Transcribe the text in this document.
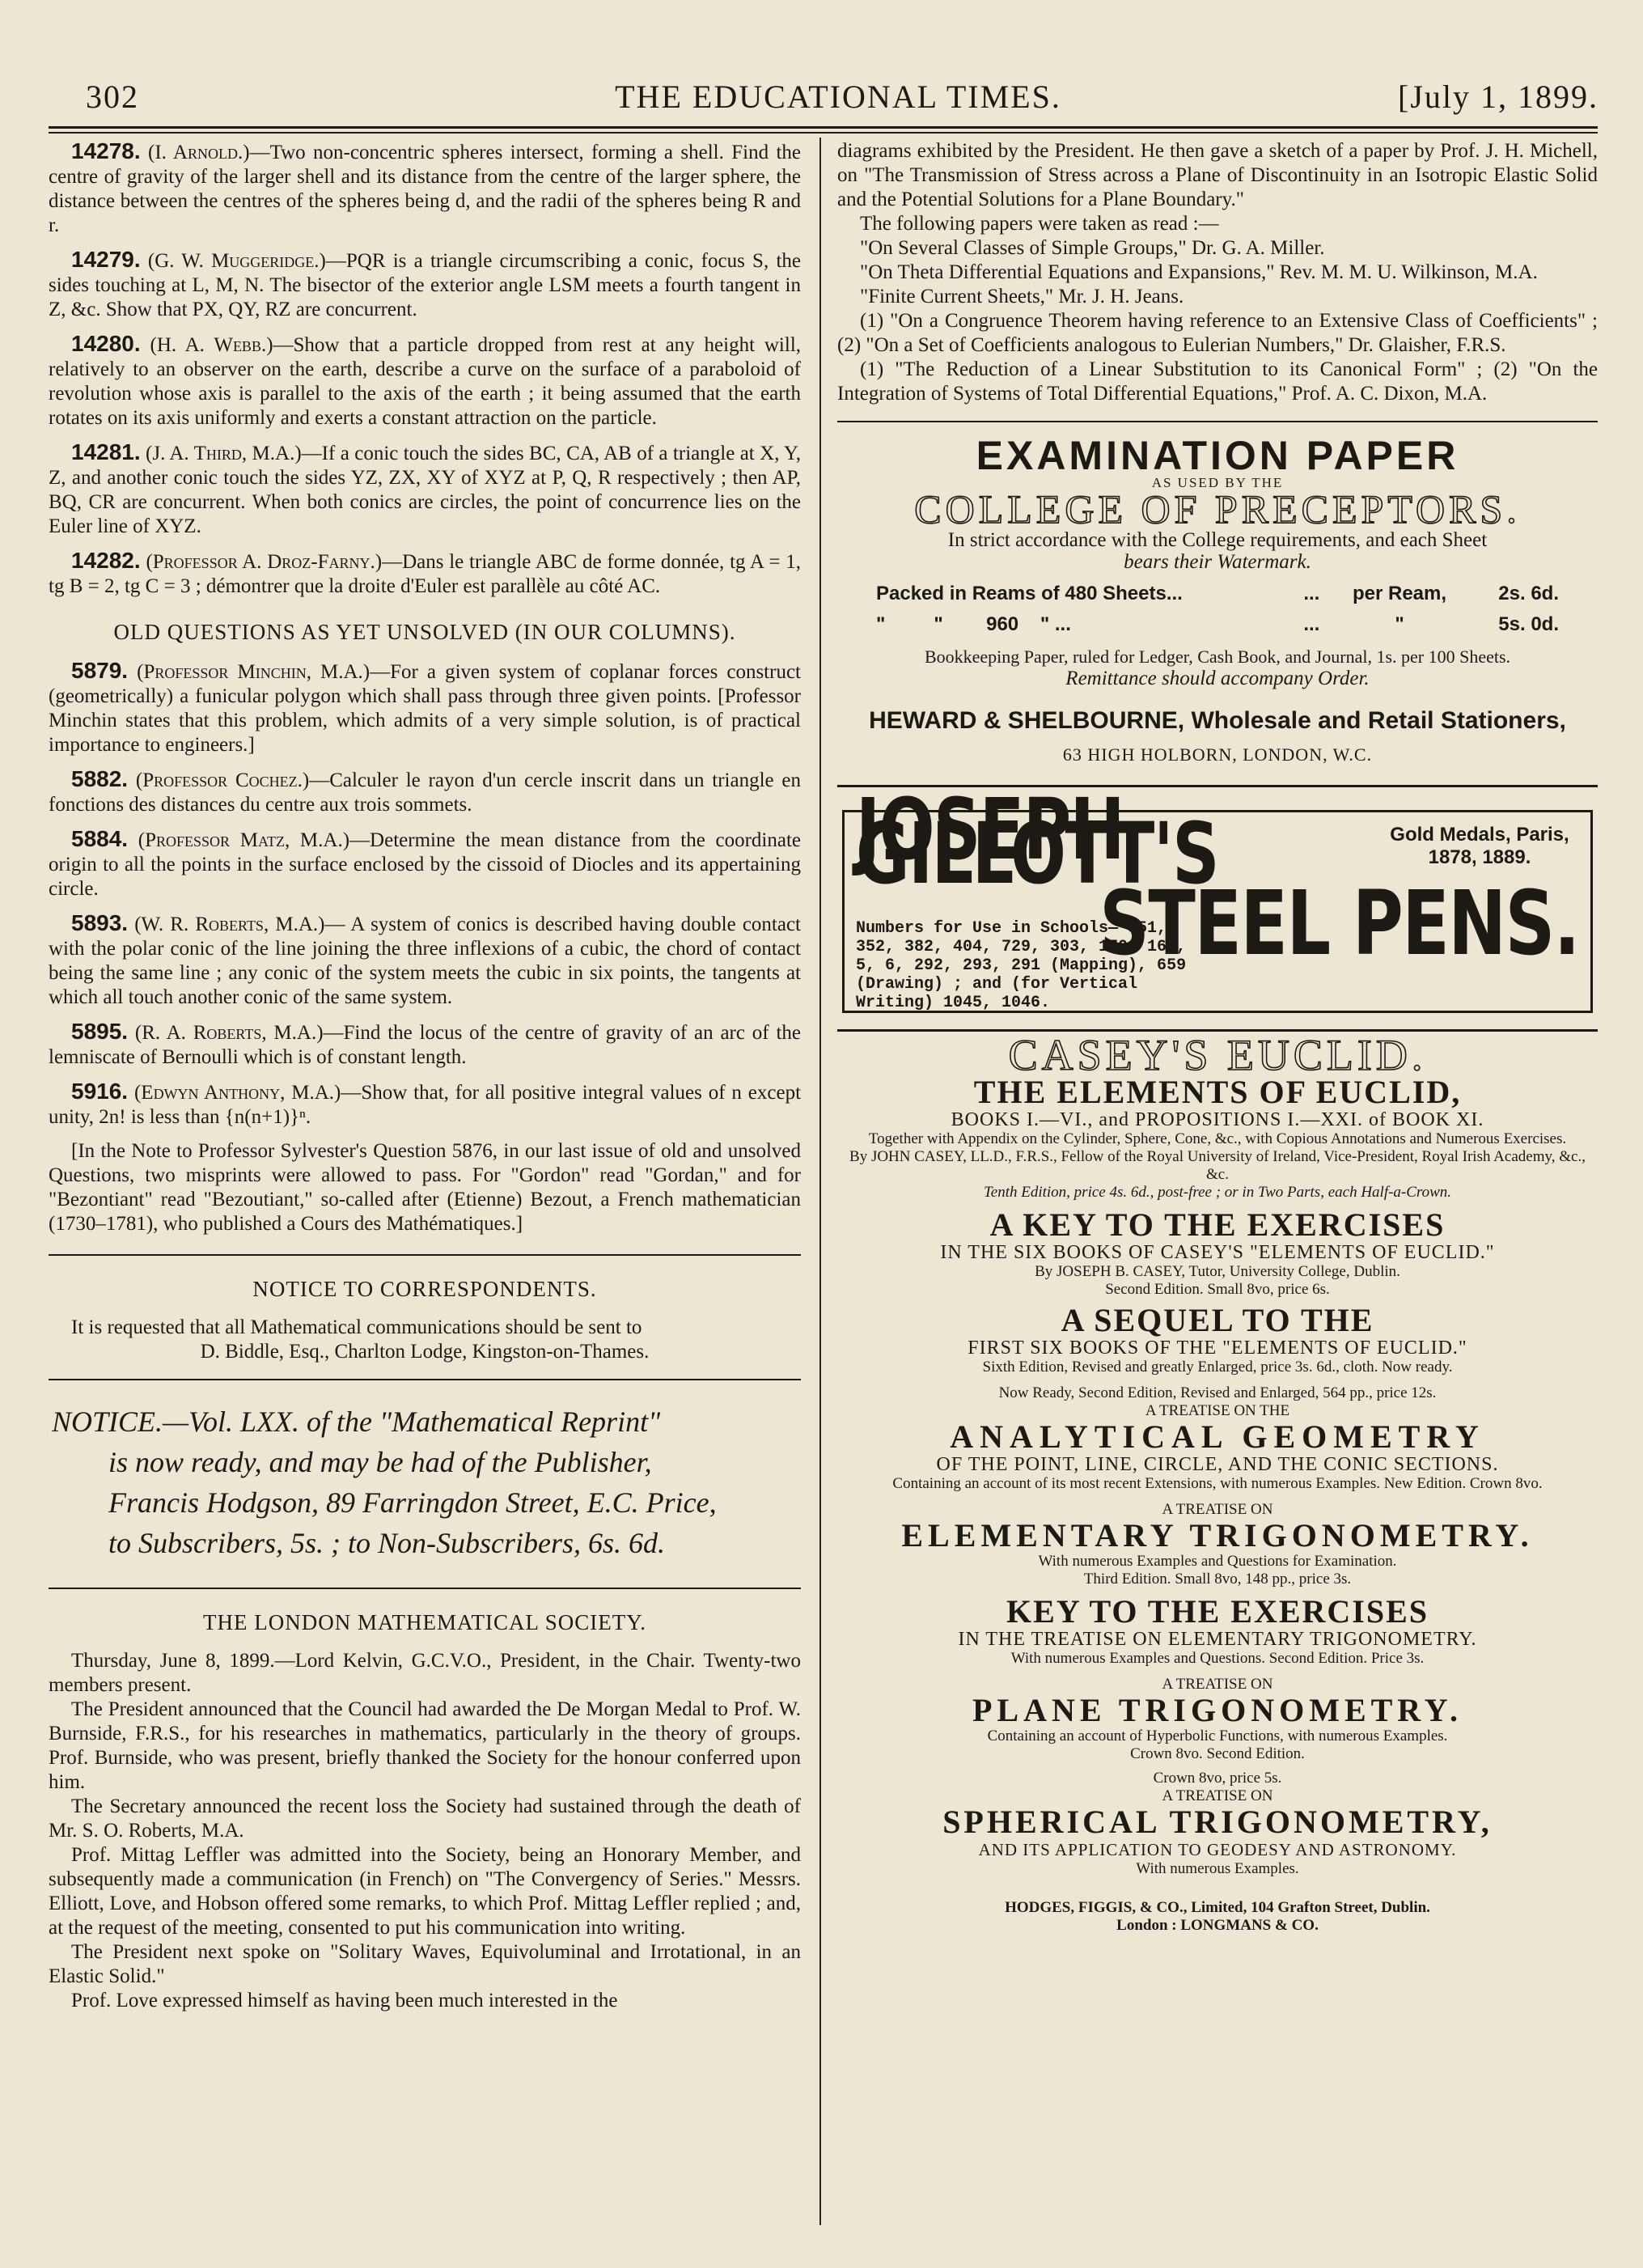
302	THE EDUCATIONAL TIMES.	[July 1, 1899.

14278. (I. Arnold.)—Two non-concentric spheres intersect, forming a shell. Find the centre of gravity of the larger shell and its distance from the centre of the larger sphere, the distance between the centres of the spheres being d, and the radii of the spheres being R and r.

14279. (G. W. Muggeridge.)—PQR is a triangle circumscribing a conic, focus S, the sides touching at L, M, N. The bisector of the exterior angle LSM meets a fourth tangent in Z, &c. Show that PX, QY, RZ are concurrent.

14280. (H. A. Webb.)—Show that a particle dropped from rest at any height will, relatively to an observer on the earth, describe a curve on the surface of a paraboloid of revolution whose axis is parallel to the axis of the earth ; it being assumed that the earth rotates on its axis uniformly and exerts a constant attraction on the particle.

14281. (J. A. Third, M.A.)—If a conic touch the sides BC, CA, AB of a triangle at X, Y, Z, and another conic touch the sides YZ, ZX, XY of XYZ at P, Q, R respectively ; then AP, BQ, CR are concurrent. When both conics are circles, the point of concurrence lies on the Euler line of XYZ.

14282. (Professor A. Droz-Farny.)—Dans le triangle ABC de forme donnée, tg A = 1, tg B = 2, tg C = 3 ; démontrer que la droite d'Euler est parallèle au côté AC.

OLD QUESTIONS AS YET UNSOLVED (IN OUR COLUMNS).

5879. (Professor Minchin, M.A.)—For a given system of coplanar forces construct (geometrically) a funicular polygon which shall pass through three given points. [Professor Minchin states that this problem, which admits of a very simple solution, is of practical importance to engineers.]

5882. (Professor Cochez.)—Calculer le rayon d'un cercle inscrit dans un triangle en fonctions des distances du centre aux trois sommets.

5884. (Professor Matz, M.A.)—Determine the mean distance from the coordinate origin to all the points in the surface enclosed by the cissoid of Diocles and its appertaining circle.

5893. (W. R. Roberts, M.A.)— A system of conics is described having double contact with the polar conic of the line joining the three inflexions of a cubic, the chord of contact being the same line ; any conic of the system meets the cubic in six points, the tangents at which all touch another conic of the same system.

5895. (R. A. Roberts, M.A.)—Find the locus of the centre of gravity of an arc of the lemniscate of Bernoulli which is of constant length.

5916. (Edwyn Anthony, M.A.)—Show that, for all positive integral values of n except unity, 2n! is less than {n(n+1)}ⁿ.

[In the Note to Professor Sylvester's Question 5876, in our last issue of old and unsolved Questions, two misprints were allowed to pass. For "Gordon" read "Gordan," and for "Bezontiant" read "Bezoutiant," so-called after (Etienne) Bezout, a French mathematician (1730–1781), who published a Cours des Mathématiques.]

NOTICE TO CORRESPONDENTS.

It is requested that all Mathematical communications should be sent to

D. Biddle, Esq., Charlton Lodge, Kingston-on-Thames.

NOTICE.—Vol. LXX. of the "Mathematical Reprint"
is now ready, and may be had of the Publisher,
Francis Hodgson, 89 Farringdon Street, E.C. Price,
to Subscribers, 5s. ; to Non-Subscribers, 6s. 6d.
THE LONDON MATHEMATICAL SOCIETY.

Thursday, June 8, 1899.—Lord Kelvin, G.C.V.O., President, in the Chair. Twenty-two members present.

The President announced that the Council had awarded the De Morgan Medal to Prof. W. Burnside, F.R.S., for his researches in mathematics, particularly in the theory of groups. Prof. Burnside, who was present, briefly thanked the Society for the honour conferred upon him.

The Secretary announced the recent loss the Society had sustained through the death of Mr. S. O. Roberts, M.A.

Prof. Mittag Leffler was admitted into the Society, being an Honorary Member, and subsequently made a communication (in French) on "The Convergency of Series." Messrs. Elliott, Love, and Hobson offered some remarks, to which Prof. Mittag Leffler replied ; and, at the request of the meeting, consented to put his communication into writing.

The President next spoke on "Solitary Waves, Equivoluminal and Irrotational, in an Elastic Solid."

Prof. Love expressed himself as having been much interested in the

diagrams exhibited by the President. He then gave a sketch of a paper by Prof. J. H. Michell, on "The Transmission of Stress across a Plane of Discontinuity in an Isotropic Elastic Solid and the Potential Solutions for a Plane Boundary."

The following papers were taken as read :—

"On Several Classes of Simple Groups," Dr. G. A. Miller.

"On Theta Differential Equations and Expansions," Rev. M. M. U. Wilkinson, M.A.

"Finite Current Sheets," Mr. J. H. Jeans.

(1) "On a Congruence Theorem having reference to an Extensive Class of Coefficients" ; (2) "On a Set of Coefficients analogous to Eulerian Numbers," Dr. Glaisher, F.R.S.

(1) "The Reduction of a Linear Substitution to its Canonical Form" ; (2) "On the Integration of Systems of Total Differential Equations," Prof. A. C. Dixon, M.A.

EXAMINATION PAPER
AS USED BY THE
COLLEGE OF PRECEPTORS.
In strict accordance with the College requirements, and each Sheet
bears their Watermark.
Packed in Reams of 480 Sheets...	...	per Ream,	2s. 6d.
"         "        960    " ...	...	"	5s. 0d.
Bookkeeping Paper, ruled for Ledger, Cash Book, and Journal, 1s. per 100 Sheets.
Remittance should accompany Order.
HEWARD & SHELBOURNE, Wholesale and Retail Stationers,
63 HIGH HOLBORN, LONDON, W.C.
JOSEPH GILLOTT'S	Gold Medals, Paris, 1878, 1889.
Numbers for Use in Schools— 351, 352, 382, 404, 729, 303, 170, 166, 5, 6, 292, 293, 291 (Mapping), 659 (Drawing) ; and (for Vertical Writing) 1045, 1046.
STEEL PENS.
CASEY'S EUCLID.
THE ELEMENTS OF EUCLID,
BOOKS I.—VI., and PROPOSITIONS I.—XXI. of BOOK XI.
Together with Appendix on the Cylinder, Sphere, Cone, &c., with Copious Annotations and Numerous Exercises.
By JOHN CASEY, LL.D., F.R.S., Fellow of the Royal University of Ireland, Vice-President, Royal Irish Academy, &c., &c.
Tenth Edition, price 4s. 6d., post-free ; or in Two Parts, each Half-a-Crown.
A KEY TO THE EXERCISES
IN THE SIX BOOKS OF CASEY'S "ELEMENTS OF EUCLID."
By JOSEPH B. CASEY, Tutor, University College, Dublin.
Second Edition. Small 8vo, price 6s.
A SEQUEL TO THE
FIRST SIX BOOKS OF THE "ELEMENTS OF EUCLID."
Sixth Edition, Revised and greatly Enlarged, price 3s. 6d., cloth. Now ready.
Now Ready, Second Edition, Revised and Enlarged, 564 pp., price 12s.
A TREATISE ON THE
ANALYTICAL GEOMETRY
OF THE POINT, LINE, CIRCLE, AND THE CONIC SECTIONS.
Containing an account of its most recent Extensions, with numerous Examples. New Edition. Crown 8vo.
A TREATISE ON
ELEMENTARY TRIGONOMETRY.
With numerous Examples and Questions for Examination.
Third Edition. Small 8vo, 148 pp., price 3s.
KEY TO THE EXERCISES
IN THE TREATISE ON ELEMENTARY TRIGONOMETRY.
With numerous Examples and Questions. Second Edition. Price 3s.
A TREATISE ON
PLANE TRIGONOMETRY.
Containing an account of Hyperbolic Functions, with numerous Examples.
Crown 8vo. Second Edition.
Crown 8vo, price 5s.
A TREATISE ON
SPHERICAL TRIGONOMETRY,
AND ITS APPLICATION TO GEODESY AND ASTRONOMY.
With numerous Examples.
HODGES, FIGGIS, & CO., Limited, 104 Grafton Street, Dublin.
London : LONGMANS & CO.
